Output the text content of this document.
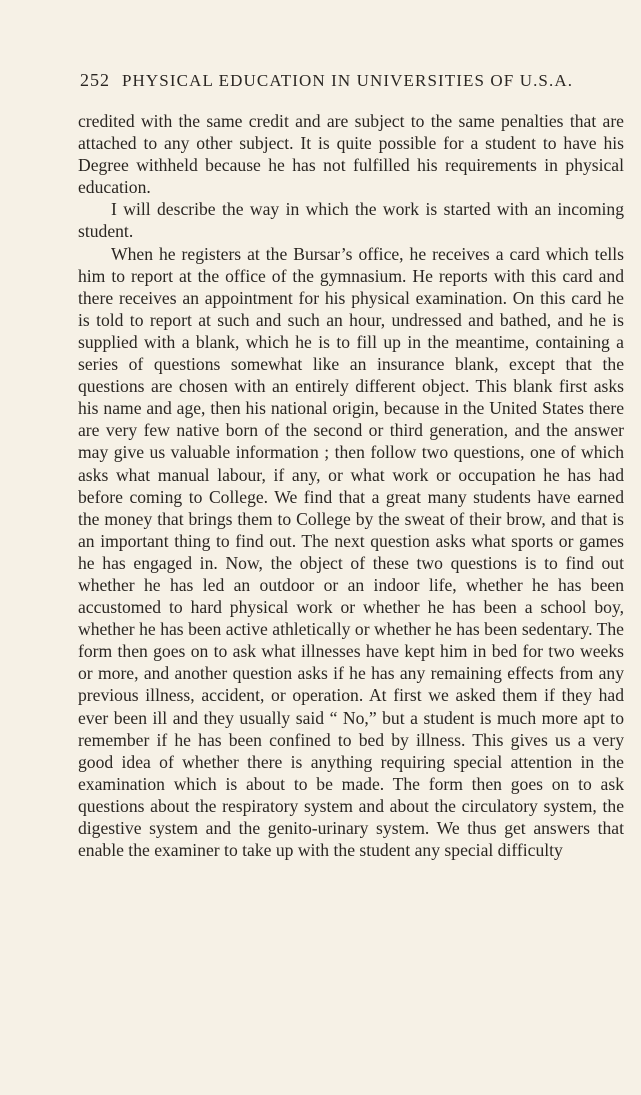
252 PHYSICAL EDUCATION IN UNIVERSITIES OF U.S.A.

credited with the same credit and are subject to the same penalties that are attached to any other subject. It is quite possible for a student to have his Degree withheld because he has not fulfilled his requirements in physical education.

I will describe the way in which the work is started with an incoming student.

When he registers at the Bursar’s office, he receives a card which tells him to report at the office of the gymnasium. He reports with this card and there receives an appointment for his physical examination. On this card he is told to report at such and such an hour, undressed and bathed, and he is supplied with a blank, which he is to fill up in the meantime, containing a series of questions somewhat like an insurance blank, except that the questions are chosen with an entirely different object. This blank first asks his name and age, then his national origin, because in the United States there are very few native born of the second or third generation, and the answer may give us valuable information ; then follow two questions, one of which asks what manual labour, if any, or what work or occupation he has had before coming to College. We find that a great many students have earned the money that brings them to College by the sweat of their brow, and that is an important thing to find out. The next question asks what sports or games he has engaged in. Now, the object of these two questions is to find out whether he has led an outdoor or an indoor life, whether he has been accustomed to hard physical work or whether he has been a school boy, whether he has been active athletically or whether he has been sedentary. The form then goes on to ask what illnesses have kept him in bed for two weeks or more, and another question asks if he has any remaining effects from any previous illness, accident, or operation. At first we asked them if they had ever been ill and they usually said “ No,” but a student is much more apt to remember if he has been confined to bed by illness. This gives us a very good idea of whether there is anything requiring special attention in the examination which is about to be made. The form then goes on to ask questions about the respiratory system and about the circulatory system, the digestive system and the genito-urinary system. We thus get answers that enable the examiner to take up with the student any special difficulty
